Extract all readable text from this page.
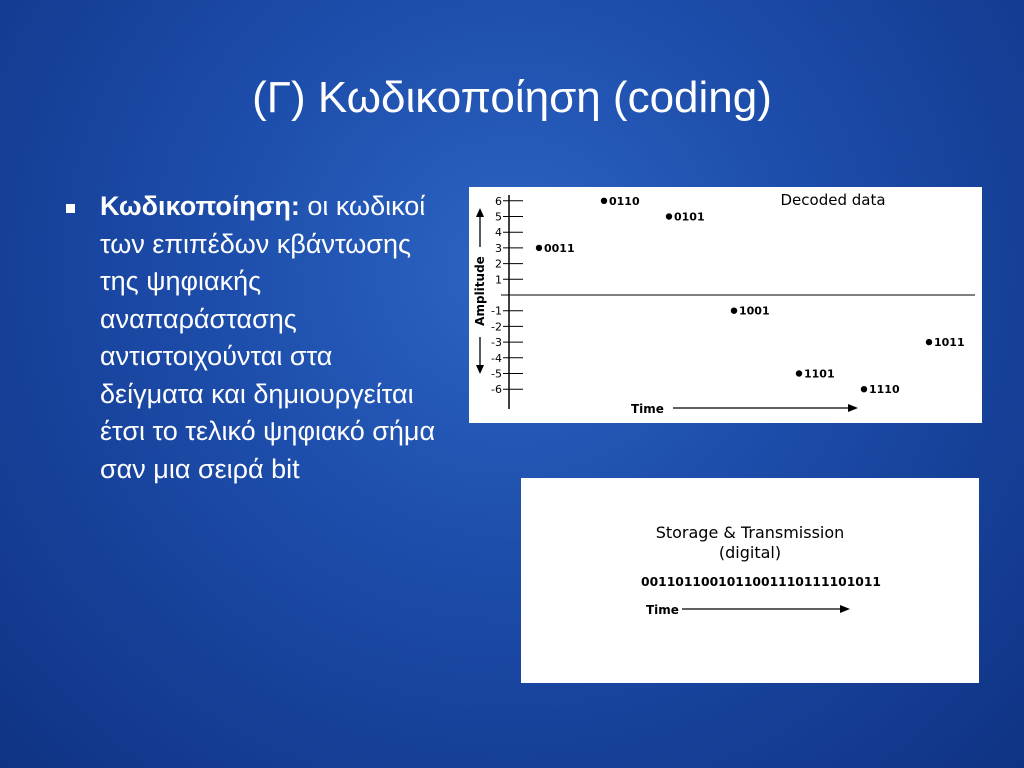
(Γ) Κωδικοποίηση (coding)
Κωδικοποίηση: οι κωδικοί των επιπέδων κβάντωσης της ψηφιακής αναπαράστασης αντιστοιχούνται στα δείγματα και δημιουργείται έτσι το τελικό ψηφιακό σήμα σαν μια σειρά bit
6
5
4
3
2
1
-1
-2
-3
-4
-5
-6
Amplitude
Decoded data
0011
0110
0101
1001
1101
1110
1011
Time
Storage & Transmission
(digital)
0011011001011001110111101011
Time
